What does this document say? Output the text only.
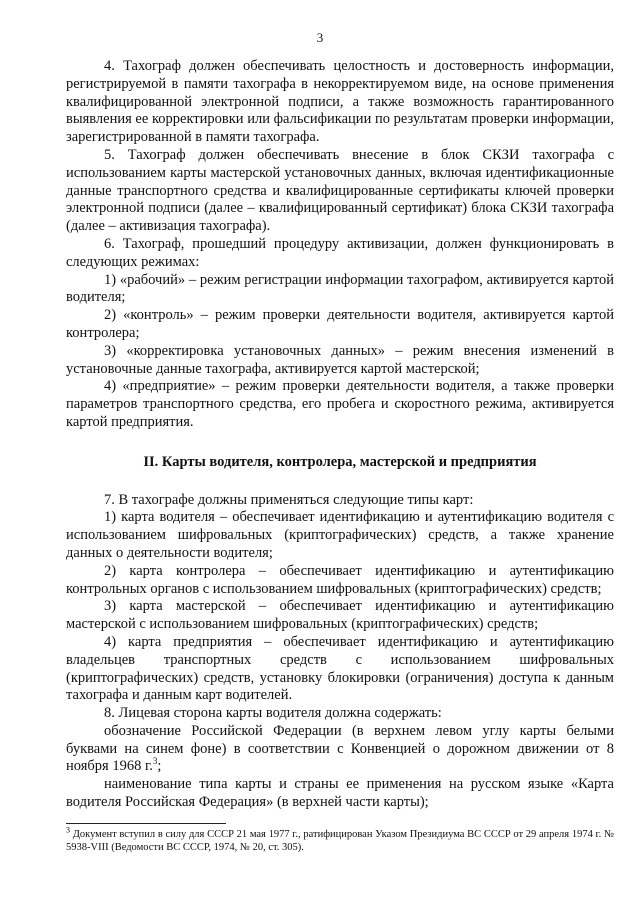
3

4. Тахограф должен обеспечивать целостность и достоверность информации, регистрируемой в памяти тахографа в некорректируемом виде, на основе применения квалифицированной электронной подписи, а также возможность гарантированного выявления ее корректировки или фальсификации по результатам проверки информации, зарегистрированной в памяти тахографа.

5. Тахограф должен обеспечивать внесение в блок СКЗИ тахографа с использованием карты мастерской установочных данных, включая идентификационные данные транспортного средства и квалифицированные сертификаты ключей проверки электронной подписи (далее – квалифицированный сертификат) блока СКЗИ тахографа (далее – активизация тахографа).

6. Тахограф, прошедший процедуру активизации, должен функционировать в следующих режимах:

1) «рабочий» – режим регистрации информации тахографом, активируется картой водителя;

2) «контроль» – режим проверки деятельности водителя, активируется картой контролера;

3) «корректировка установочных данных» – режим внесения изменений в установочные данные тахографа, активируется картой мастерской;

4) «предприятие» – режим проверки деятельности водителя, а также проверки параметров транспортного средства, его пробега и скоростного режима, активируется картой предприятия.

II. Карты водителя, контролера, мастерской и предприятия

7. В тахографе должны применяться следующие типы карт:

1) карта водителя – обеспечивает идентификацию и аутентификацию водителя с использованием шифровальных (криптографических) средств, а также хранение данных о деятельности водителя;

2) карта контролера – обеспечивает идентификацию и аутентификацию контрольных органов с использованием шифровальных (криптографических) средств;

3) карта мастерской – обеспечивает идентификацию и аутентификацию мастерской с использованием шифровальных (криптографических) средств;

4) карта предприятия – обеспечивает идентификацию и аутентификацию владельцев транспортных средств с использованием шифровальных (криптографических) средств, установку блокировки (ограничения) доступа к данным тахографа и данным карт водителей.

8. Лицевая сторона карты водителя должна содержать:

обозначение Российской Федерации (в верхнем левом углу карты белыми буквами на синем фоне) в соответствии с Конвенцией о дорожном движении от 8 ноября 1968 г.$^3$;

наименование типа карты и страны ее применения на русском языке «Карта водителя Российская Федерация» (в верхней части карты);

$^3$ Документ вступил в силу для СССР 21 мая 1977 г., ратифицирован Указом Президиума ВС СССР от 29 апреля 1974 г. № 5938-VIII (Ведомости ВС СССР, 1974, № 20, ст. 305).
